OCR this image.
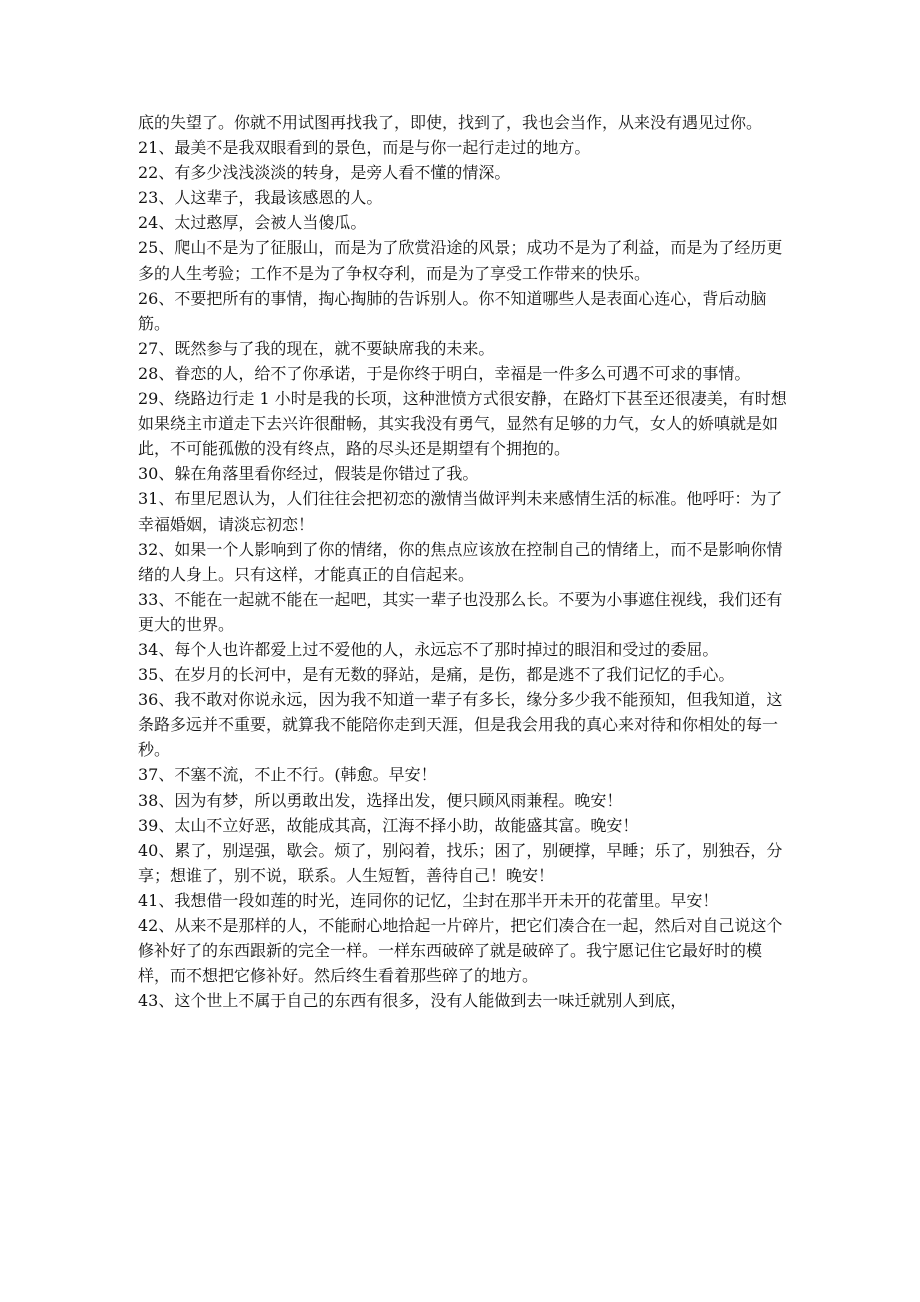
底的失望了。你就不用试图再找我了，即使，找到了，我也会当作，从来没有遇见过你。

21、最美不是我双眼看到的景色，而是与你一起行走过的地方。

22、有多少浅浅淡淡的转身，是旁人看不懂的情深。

23、人这辈子，我最该感恩的人。

24、太过憨厚，会被人当傻瓜。

25、爬山不是为了征服山，而是为了欣赏沿途的风景；成功不是为了利益，而是为了经历更多的人生考验；工作不是为了争权夺利，而是为了享受工作带来的快乐。

26、不要把所有的事情，掏心掏肺的告诉别人。你不知道哪些人是表面心连心，背后动脑筋。

27、既然参与了我的现在，就不要缺席我的未来。

28、眷恋的人，给不了你承诺，于是你终于明白，幸福是一件多么可遇不可求的事情。

29、绕路边行走 1 小时是我的长项，这种泄愤方式很安静，在路灯下甚至还很凄美，有时想如果绕主市道走下去兴许很酣畅，其实我没有勇气，显然有足够的力气，女人的娇嗔就是如此，不可能孤傲的没有终点，路的尽头还是期望有个拥抱的。

30、躲在角落里看你经过，假装是你错过了我。

31、布里尼恩认为，人们往往会把初恋的激情当做评判未来感情生活的标准。他呼吁：为了幸福婚姻，请淡忘初恋！

32、如果一个人影响到了你的情绪，你的焦点应该放在控制自己的情绪上，而不是影响你情绪的人身上。只有这样，才能真正的自信起来。

33、不能在一起就不能在一起吧，其实一辈子也没那么长。不要为小事遮住视线，我们还有更大的世界。

34、每个人也许都爱上过不爱他的人，永远忘不了那时掉过的眼泪和受过的委屈。

35、在岁月的长河中，是有无数的驿站，是痛，是伤，都是逃不了我们记忆的手心。

36、我不敢对你说永远，因为我不知道一辈子有多长，缘分多少我不能预知，但我知道，这条路多远并不重要，就算我不能陪你走到天涯，但是我会用我的真心来对待和你相处的每一秒。

37、不塞不流，不止不行。(韩愈。早安！

38、因为有梦，所以勇敢出发，选择出发，便只顾风雨兼程。晚安！

39、太山不立好恶，故能成其高，江海不择小助，故能盛其富。晚安！

40、累了，别逞强，歇会。烦了，别闷着，找乐；困了，别硬撑，早睡；乐了，别独吞，分享；想谁了，别不说，联系。人生短暂，善待自己！晚安！

41、我想借一段如莲的时光，连同你的记忆，尘封在那半开未开的花蕾里。早安！

42、从来不是那样的人，不能耐心地拾起一片碎片，把它们凑合在一起，然后对自己说这个修补好了的东西跟新的完全一样。一样东西破碎了就是破碎了。我宁愿记住它最好时的模样，而不想把它修补好。然后终生看着那些碎了的地方。

43、这个世上不属于自己的东西有很多，没有人能做到去一味迁就别人到底，
